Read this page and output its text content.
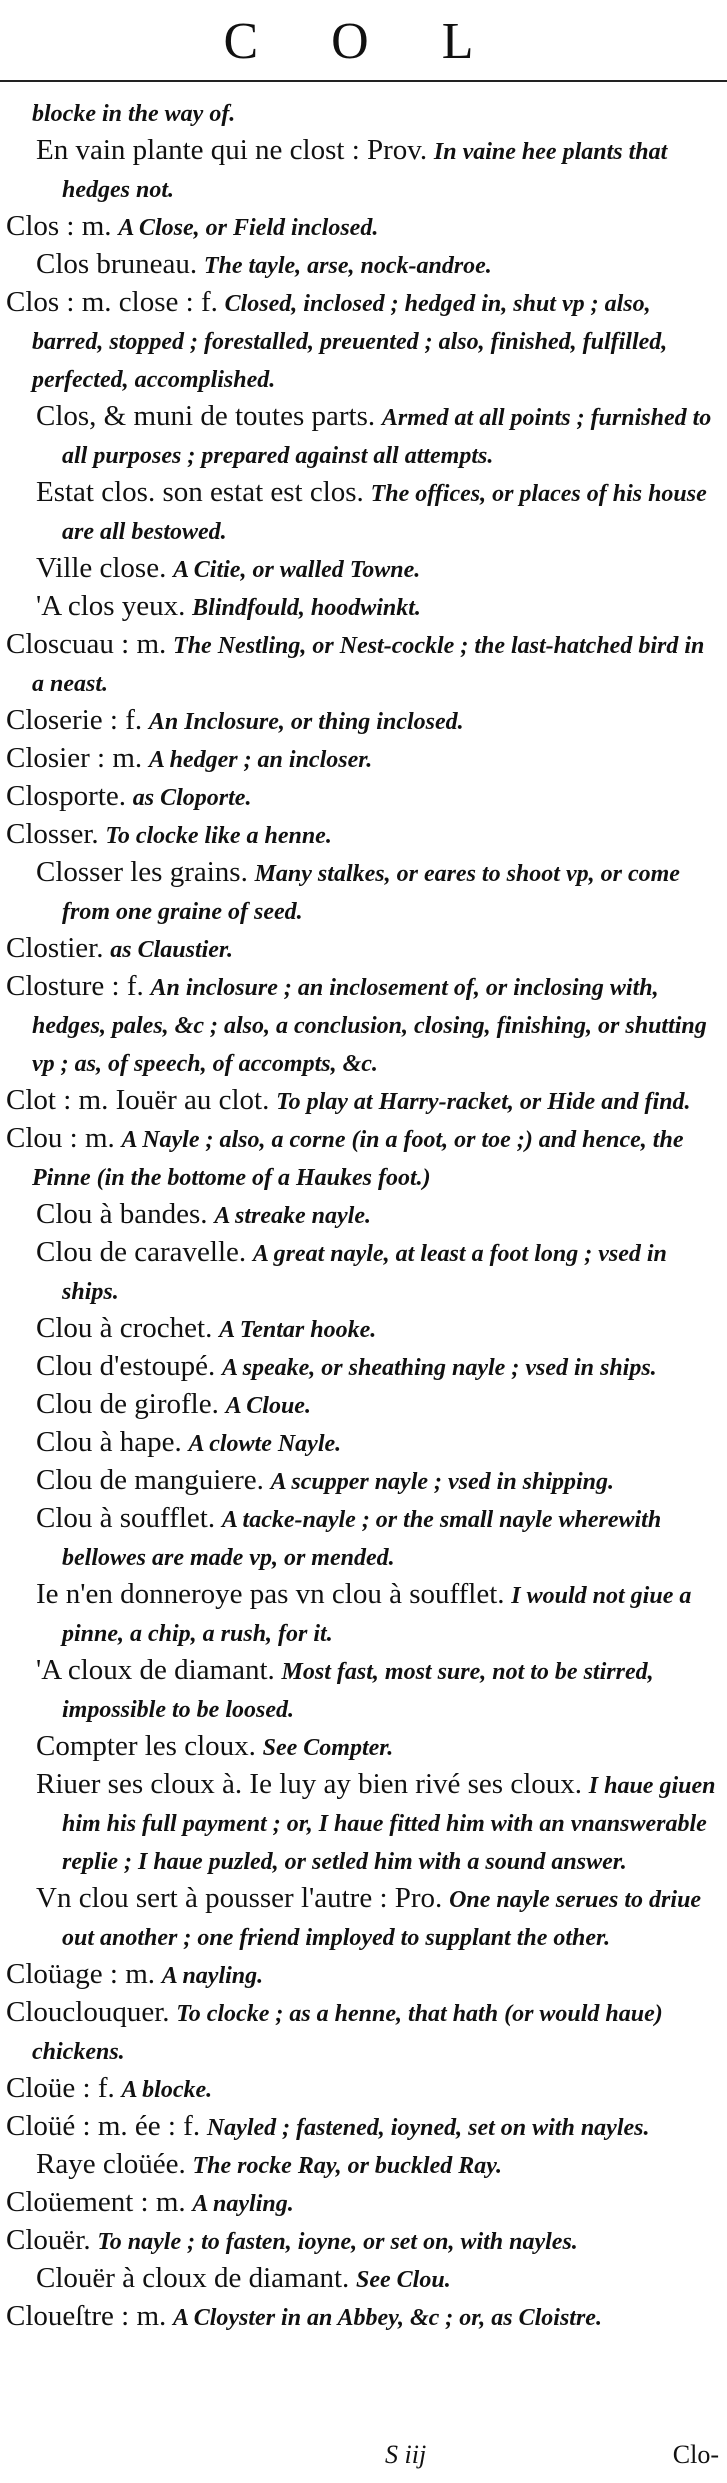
C O L

blocke in the way of.

En vain plante qui ne clost : Prov. In vaine hee plants that hedges not.

Clos : m. A Close, or Field inclosed.

Clos bruneau. The tayle, arse, nock-androe.

Clos : m. close : f. Closed, inclosed ; hedged in, shut vp ; also, barred, stopped ; forestalled, preuented ; also, finished, fulfilled, perfected, accomplished.

Clos, & muni de toutes parts. Armed at all points ; furnished to all purposes ; prepared against all attempts.

Estat clos. son estat est clos. The offices, or places of his house are all bestowed.

Ville close. A Citie, or walled Towne.

'A clos yeux. Blindfould, hoodwinkt.

Closcuau : m. The Nestling, or Nest-cockle ; the last-hatched bird in a neast.

Closerie : f. An Inclosure, or thing inclosed.

Closier : m. A hedger ; an incloser.

Closporte. as Cloporte.

Closser. To clocke like a henne.

Closser les grains. Many stalkes, or eares to shoot vp, or come from one graine of seed.

Clostier. as Claustier.

Closture : f. An inclosure ; an inclosement of, or inclosing with, hedges, pales, &c ; also, a conclusion, closing, finishing, or shutting vp ; as, of speech, of accompts, &c.

Clot : m. Iouër au clot. To play at Harry-racket, or Hide and find.

Clou : m. A Nayle ; also, a corne (in a foot, or toe ;) and hence, the Pinne (in the bottome of a Haukes foot.)

Clou à bandes. A streake nayle.

Clou de caravelle. A great nayle, at least a foot long ; vsed in ships.

Clou à crochet. A Tentar hooke.

Clou d'estoupé. A speake, or sheathing nayle ; vsed in ships.

Clou de girofle. A Cloue.

Clou à hape. A clowte Nayle.

Clou de manguiere. A scupper nayle ; vsed in shipping.

Clou à soufflet. A tacke-nayle ; or the small nayle wherewith bellowes are made vp, or mended.

Ie n'en donneroye pas vn clou à soufflet. I would not giue a pinne, a chip, a rush, for it.

'A cloux de diamant. Most fast, most sure, not to be stirred, impossible to be loosed.

Compter les cloux. See Compter.

Riuer ses cloux à. Ie luy ay bien rivé ses cloux. I haue giuen him his full payment ; or, I haue fitted him with an vnanswerable replie ; I haue puzled, or setled him with a sound answer.

Vn clou sert à pousser l'autre : Pro. One nayle serues to driue out another ; one friend imployed to supplant the other.

Cloüage : m. A nayling.

Clouclouquer. To clocke ; as a henne, that hath (or would haue) chickens.

Cloüe : f. A blocke.

Cloüé : m. ée : f. Nayled ; fastened, ioyned, set on with nayles.

Raye cloüée. The rocke Ray, or buckled Ray.

Cloüement : m. A nayling.

Clouër. To nayle ; to fasten, ioyne, or set on, with nayles.

Clouër à cloux de diamant. See Clou.

Cloueſtre : m. A Cloyster in an Abbey, &c ; or, as Cloistre.

S iij	Clo-
